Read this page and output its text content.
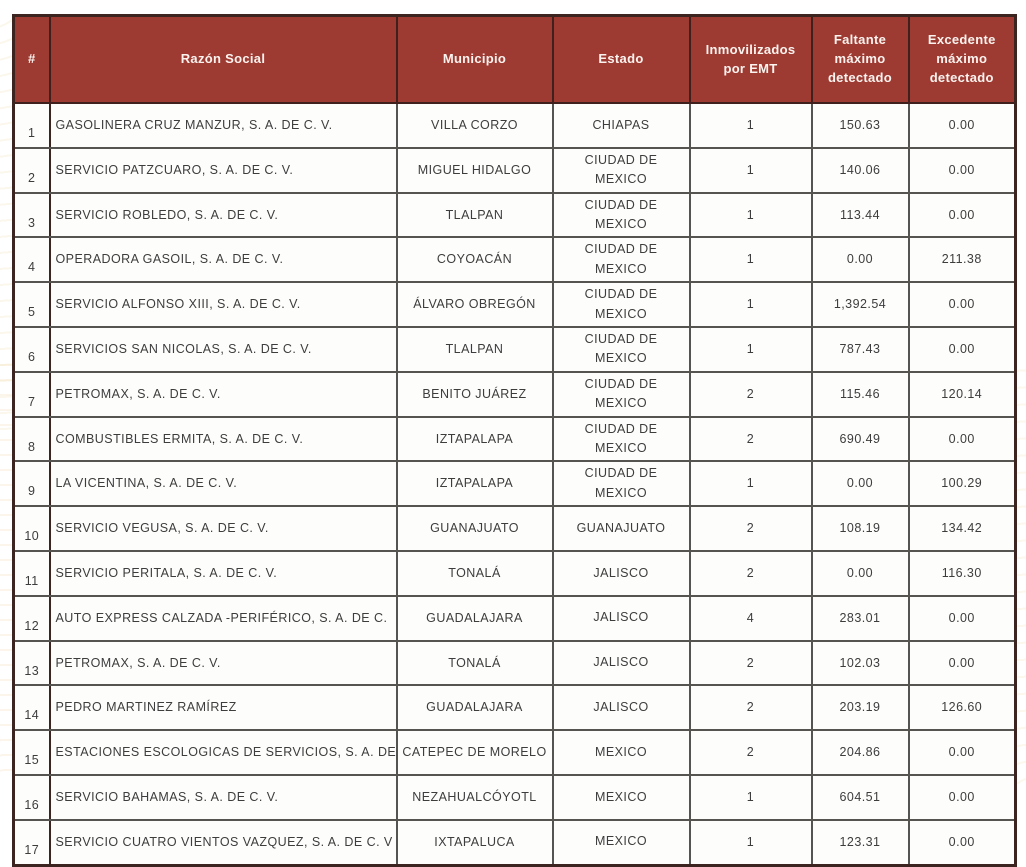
#	Razón Social	Municipio	Estado	Inmovilizados por EMT	Faltante máximo detectado	Excedente máximo detectado
1	GASOLINERA CRUZ MANZUR, S. A. DE C. V.	VILLA CORZO	CHIAPAS	1	150.63	0.00
2	SERVICIO PATZCUARO, S. A. DE C. V.	MIGUEL HIDALGO	CIUDAD DE MEXICO	1	140.06	0.00
3	SERVICIO ROBLEDO, S. A. DE C. V.	TLALPAN	CIUDAD DE MEXICO	1	113.44	0.00
4	OPERADORA GASOIL, S. A. DE C. V.	COYOACÁN	CIUDAD DE MEXICO	1	0.00	211.38
5	SERVICIO ALFONSO XIII, S. A. DE C. V.	ÁLVARO OBREGÓN	CIUDAD DE MEXICO	1	1,392.54	0.00
6	SERVICIOS SAN NICOLAS, S. A. DE C. V.	TLALPAN	CIUDAD DE MEXICO	1	787.43	0.00
7	PETROMAX, S. A. DE C. V.	BENITO JUÁREZ	CIUDAD DE MEXICO	2	115.46	120.14
8	COMBUSTIBLES ERMITA, S. A. DE C. V.	IZTAPALAPA	CIUDAD DE MEXICO	2	690.49	0.00
9	LA VICENTINA, S. A. DE C. V.	IZTAPALAPA	CIUDAD DE MEXICO	1	0.00	100.29
10	SERVICIO VEGUSA, S. A. DE C. V.	GUANAJUATO	GUANAJUATO	2	108.19	134.42
11	SERVICIO PERITALA, S. A. DE C. V.	TONALÁ	JALISCO	2	0.00	116.30
12	AUTO EXPRESS CALZADA -PERIFÉRICO, S. A. DE C.	GUADALAJARA	JALISCO	4	283.01	0.00
13	PETROMAX, S. A. DE C. V.	TONALÁ	JALISCO	2	102.03	0.00
14	PEDRO MARTINEZ RAMÍREZ	GUADALAJARA	JALISCO	2	203.19	126.60
15	ESTACIONES ESCOLOGICAS DE SERVICIOS, S. A. DE	CATEPEC DE MORELO	MEXICO	2	204.86	0.00
16	SERVICIO BAHAMAS, S. A. DE C. V.	NEZAHUALCÓYOTL	MEXICO	1	604.51	0.00
17	SERVICIO CUATRO VIENTOS VAZQUEZ, S. A. DE C. V	IXTAPALUCA	MEXICO	1	123.31	0.00
